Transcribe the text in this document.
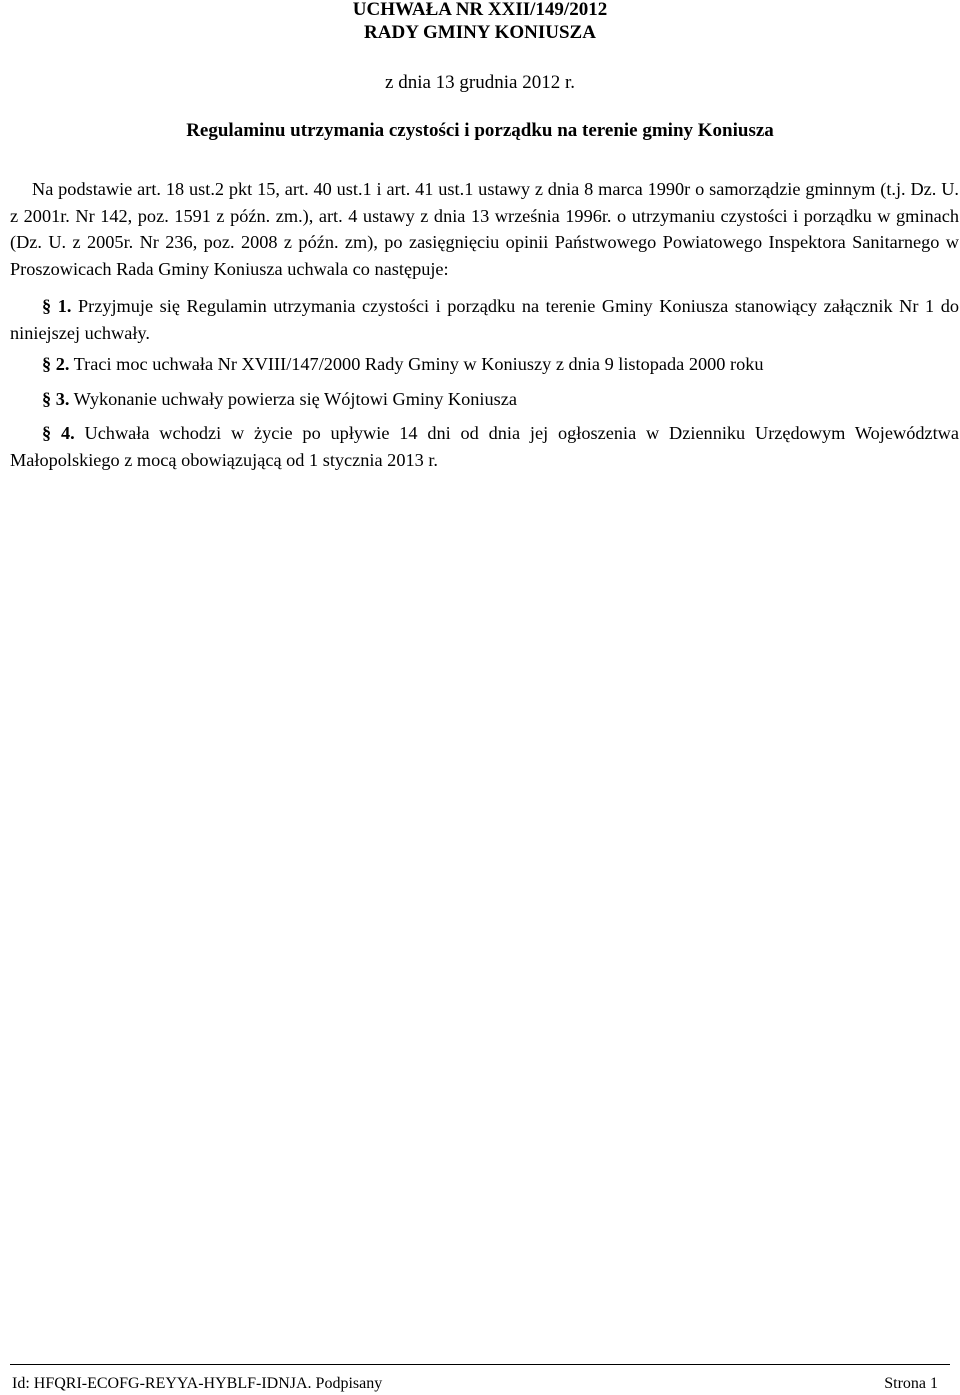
UCHWAŁA NR XXII/149/2012

RADY GMINY KONIUSZA

z dnia 13 grudnia 2012 r.

Regulaminu utrzymania czystości i porządku na terenie gminy Koniusza

Na podstawie art. 18 ust.2 pkt 15, art. 40 ust.1 i art. 41 ust.1 ustawy z dnia 8 marca 1990r o samorządzie gminnym (t.j. Dz. U. z 2001r. Nr 142, poz. 1591 z późn. zm.), art. 4 ustawy z dnia 13 września 1996r. o utrzymaniu czystości i porządku w gminach (Dz. U. z 2005r. Nr 236, poz. 2008 z późn. zm), po zasięgnięciu opinii Państwowego Powiatowego Inspektora Sanitarnego w Proszowicach Rada Gminy Koniusza uchwala co następuje:

§ 1. Przyjmuje się Regulamin utrzymania czystości i porządku na terenie Gminy Koniusza stanowiący załącznik Nr 1 do niniejszej uchwały.

§ 2. Traci moc uchwała Nr XVIII/147/2000 Rady Gminy w Koniuszy z dnia 9 listopada 2000 roku

§ 3. Wykonanie uchwały powierza się Wójtowi Gminy Koniusza

§ 4. Uchwała wchodzi w życie po upływie 14 dni od dnia jej ogłoszenia w Dzienniku Urzędowym Województwa Małopolskiego z mocą obowiązującą od 1 stycznia 2013 r.

Id: HFQRI-ECOFG-REYYA-HYBLF-IDNJA. Podpisany	Strona 1
